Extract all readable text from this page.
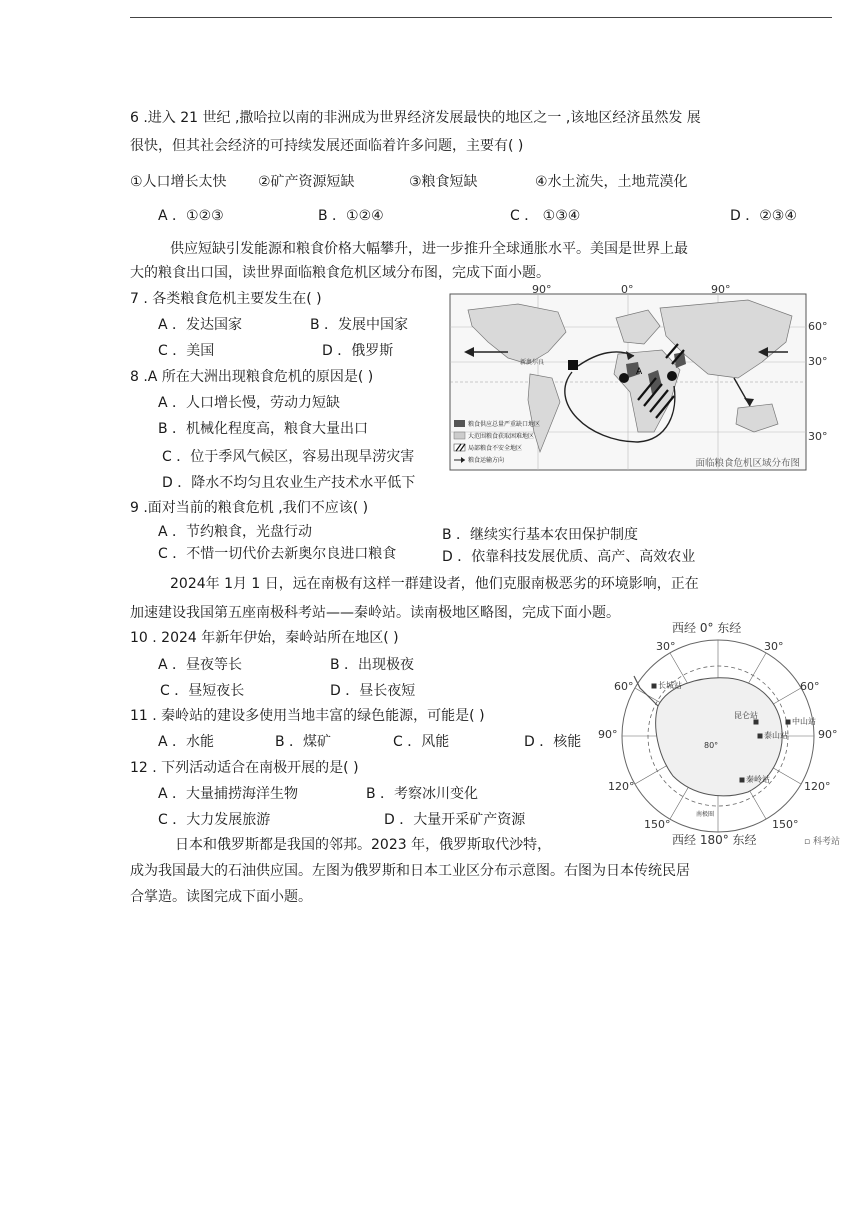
6 .进入 21 世纪 ,撒哈拉以南的非洲成为世界经济发展最快的地区之一 ,该地区经济虽然发 展
很快，但其社会经济的可持续发展还面临着许多问题，主要有( )
①人口增长太快 ②矿产资源短缺	③粮食短缺	④水土流失，土地荒漠化
A ．①②③	B ．①②④	C ． ①③④	D ．②③④
供应短缺引发能源和粮食价格大幅攀升，进一步推升全球通胀水平。美国是世界上最
大的粮食出口国，读世界面临粮食危机区域分布图，完成下面小题。
7 . 各类粮食危机主要发生在( )
A ．发达国家	B ．发展中国家
C ．美国	D ．俄罗斯
8 .A 所在大洲出现粮食危机的原因是( )
A ．人口增长慢，劳动力短缺
B ．机械化程度高，粮食大量出口
C ．位于季风气候区，容易出现旱涝灾害
D ．降水不均匀且农业生产技术水平低下
9 .面对当前的粮食危机 ,我们不应该( )
A ．节约粮食，光盘行动	B ．继续实行基本农田保护制度
C ．不惜一切代价去新奥尔良进口粮食	D ．依靠科技发展优质、高产、高效农业
2024年 1月 1 日，远在南极有这样一群建设者，他们克服南极恶劣的环境影响，正在
加速建设我国第五座南极科考站——秦岭站。读南极地区略图，完成下面小题。
10 . 2024 年新年伊始，秦岭站所在地区( )
A ．昼夜等长	B ．出现极夜
C ．昼短夜长	D ．昼长夜短
11 . 秦岭站的建设多使用当地丰富的绿色能源，可能是( )
A ．水能	B ．煤矿	C ．风能	D ．核能
12 . 下列活动适合在南极开展的是( )
A ．大量捕捞海洋生物	B ．考察冰川变化
C ．大力发展旅游	D ．大量开采矿产资源
日本和俄罗斯都是我国的邻邦。2023 年，俄罗斯取代沙特，
成为我国最大的石油供应国。左图为俄罗斯和日本工业区分布示意图。右图为日本传统民居
合掌造。读图完成下面小题。
A
新奥尔良
90°	0°	90°
60°
30°
30°
粮食供应总量严重缺口地区
大范围粮食获取困难地区
局部粮食不安全地区
粮食运输方向	面临粮食危机区域分布图
西经 0° 东经
西经 180° 东经
30°	30°
60°	60°
90°	90°
120°	120°
150°	150°
80°
长城站
中山站
昆仑站
泰山站
秦岭站
南极圈
▫ 科考站
